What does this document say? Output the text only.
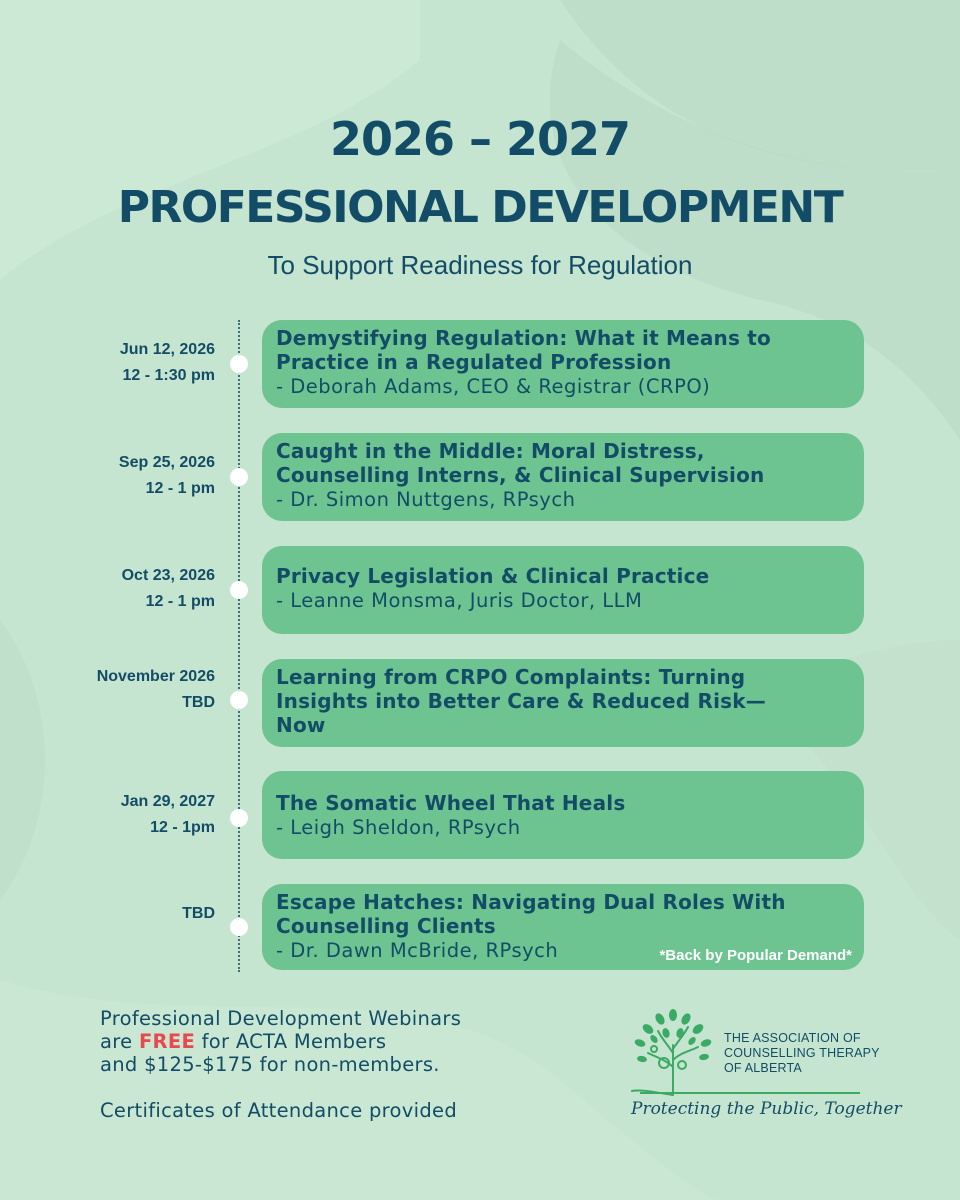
2026 – 2027
PROFESSIONAL DEVELOPMENT
To Support Readiness for Regulation
Jun 12, 2026
12 - 1:30 pm
Demystifying Regulation: What it Means to
Practice in a Regulated Profession
- Deborah Adams, CEO & Registrar (CRPO)
Sep 25, 2026
12 - 1 pm
Caught in the Middle: Moral Distress,
Counselling Interns, & Clinical Supervision
- Dr. Simon Nuttgens, RPsych
Oct 23, 2026
12 - 1 pm
Privacy Legislation & Clinical Practice
- Leanne Monsma, Juris Doctor, LLM
November 2026
TBD
Learning from CRPO Complaints: Turning
Insights into Better Care & Reduced Risk—
Now
Jan 29, 2027
12 - 1pm
The Somatic Wheel That Heals
- Leigh Sheldon, RPsych
TBD	Escape Hatches: Navigating Dual Roles With
Counselling Clients
- Dr. Dawn McBride, RPsych	*Back by Popular Demand*
Professional Development Webinars
are FREE for ACTA Members
and $125-$175 for non-members.
Certificates of Attendance provided
THE ASSOCIATION OF
COUNSELLING THERAPY
OF ALBERTA
Protecting the Public, Together
